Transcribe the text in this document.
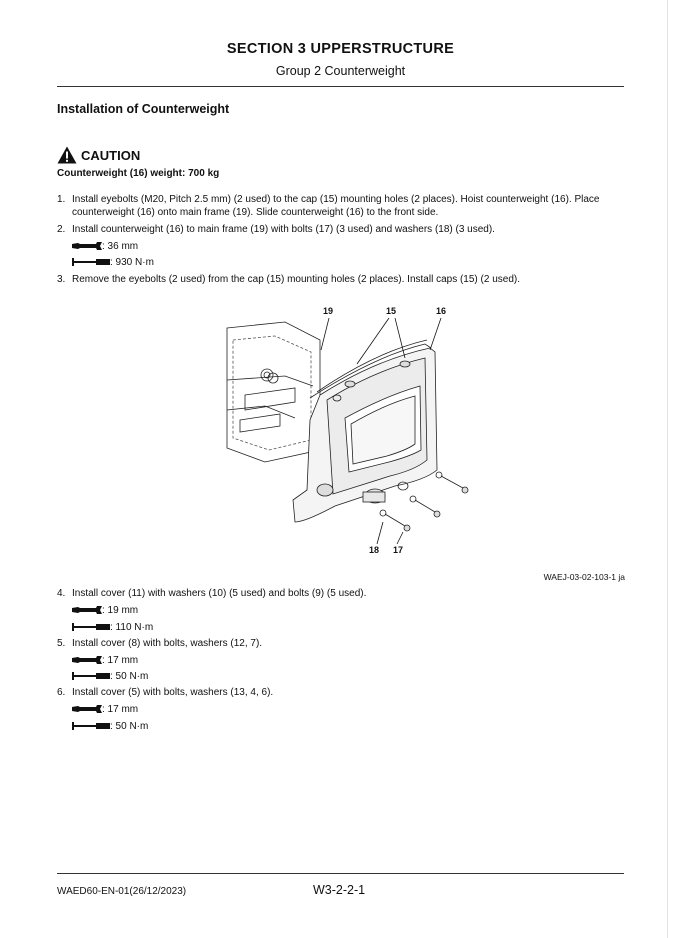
SECTION 3 UPPERSTRUCTURE
Group 2 Counterweight
Installation of Counterweight
CAUTION
Counterweight (16) weight: 700 kg
1. Install eyebolts (M20, Pitch 2.5 mm) (2 used) to the cap (15) mounting holes (2 places). Hoist counterweight (16). Place counterweight (16) onto main frame (19). Slide counterweight (16) to the front side.
2. Install counterweight (16) to main frame (19) with bolts (17) (3 used) and washers (18) (3 used).
: 36 mm
: 930 N·m
3. Remove the eyebolts (2 used) from the cap (15) mounting holes (2 places). Install caps (15) (2 used).
19	15	16
18 17
WAEJ-03-02-103-1 ja
4. Install cover (11) with washers (10) (5 used) and bolts (9) (5 used).
: 19 mm
: 110 N·m
5. Install cover (8) with bolts, washers (12, 7).
: 17 mm
: 50 N·m
6. Install cover (5) with bolts, washers (13, 4, 6).
: 17 mm
: 50 N·m
WAED60-EN-01(26/12/2023)	W3-2-2-1
